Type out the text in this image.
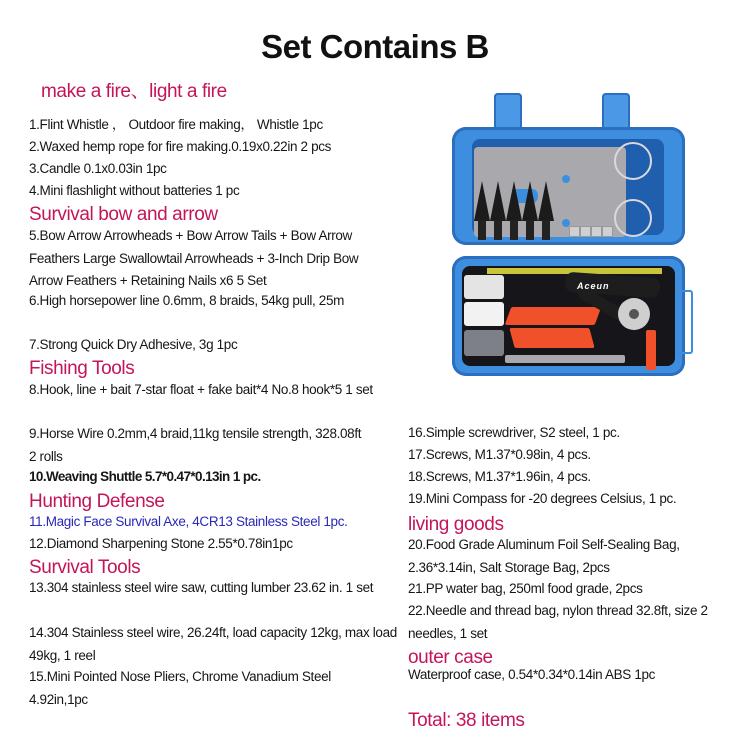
Set Contains B
make a fire、light a fire
1.Flint Whistle ， Outdoor fire making， Whistle 1pc
2.Waxed hemp rope for fire making.0.19x0.22in 2 pcs
3.Candle 0.1x0.03in 1pc
4.Mini flashlight without batteries 1 pc
Survival bow and arrow
5.Bow Arrow Arrowheads + Bow Arrow Tails + Bow Arrow Feathers Large Swallowtail Arrowheads + 3-Inch Drip Bow Arrow Feathers + Retaining Nails x6 5 Set
6.High horsepower line 0.6mm, 8 braids, 54kg pull, 25m
7.Strong Quick Dry Adhesive, 3g 1pc
Fishing Tools
8.Hook, line + bait 7-star float + fake bait*4 No.8 hook*5 1 set
9.Horse Wire 0.2mm,4 braid,11kg tensile strength, 328.08ft 2 rolls
10.Weaving Shuttle 5.7*0.47*0.13in 1 pc.
Hunting Defense
11.Magic Face Survival Axe, 4CR13 Stainless Steel 1pc.
12.Diamond Sharpening Stone 2.55*0.78in1pc
Survival Tools
13.304 stainless steel wire saw, cutting lumber 23.62 in. 1 set
14.304 Stainless steel wire, 26.24ft, load capacity 12kg, max load 49kg, 1 reel
15.Mini Pointed Nose Pliers, Chrome Vanadium Steel 4.92in,1pc
16.Simple screwdriver, S2 steel, 1 pc.
17.Screws, M1.37*0.98in, 4 pcs.
18.Screws, M1.37*1.96in, 4 pcs.
19.Mini Compass for -20 degrees Celsius, 1 pc.
living goods
20.Food Grade Aluminum Foil Self-Sealing Bag, 2.36*3.14in, Salt Storage Bag, 2pcs
21.PP water bag, 250ml food grade, 2pcs
22.Needle and thread bag, nylon thread 32.8ft, size 2 needles, 1 set
outer case
Waterproof case, 0.54*0.34*0.14in ABS 1pc
Total: 38 items
Aceun
